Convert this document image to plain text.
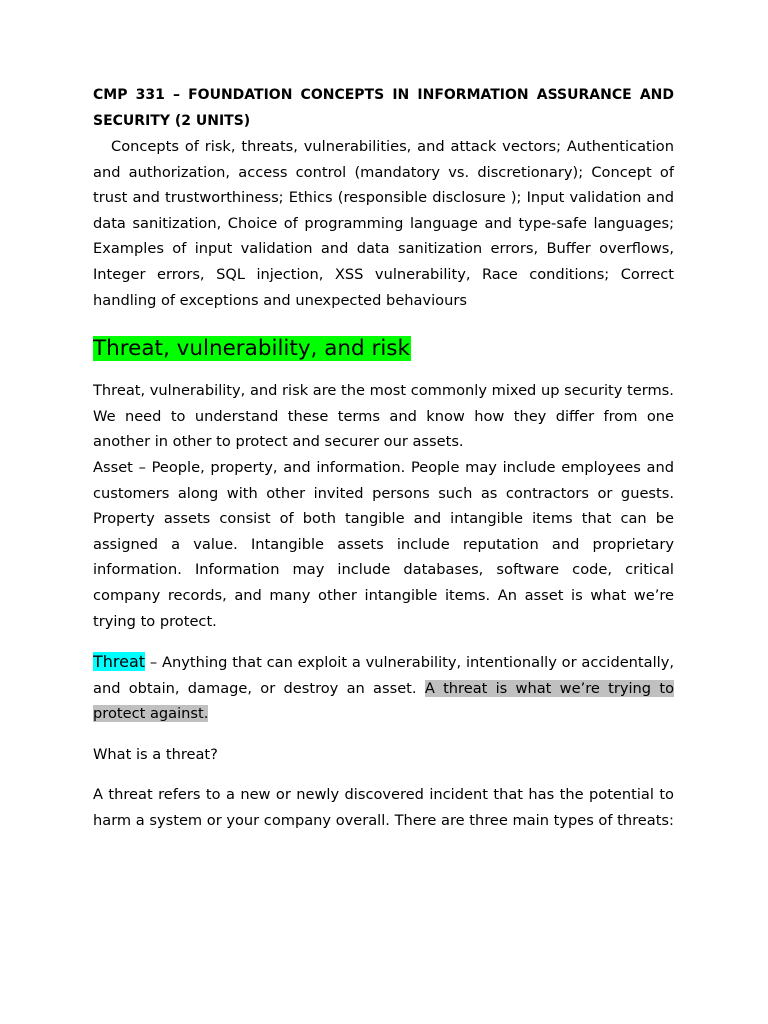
CMP 331 – FOUNDATION CONCEPTS IN INFORMATION ASSURANCE AND SECURITY (2 UNITS)

Concepts of risk, threats, vulnerabilities, and attack vectors; Authentication and authorization, access control (mandatory vs. discretionary); Concept of trust and trustworthiness; Ethics (responsible disclosure ); Input validation and data sanitization, Choice of programming language and type-safe languages; Examples of input validation and data sanitization errors, Buffer overflows, Integer errors, SQL injection, XSS vulnerability, Race conditions; Correct handling of exceptions and unexpected behaviours

Threat, vulnerability, and risk

Threat, vulnerability, and risk are the most commonly mixed up security terms.

We need to understand these terms and know how they differ from one another in other to protect and securer our assets.

Asset – People, property, and information. People may include employees and customers along with other invited persons such as contractors or guests. Property assets consist of both tangible and intangible items that can be assigned a value. Intangible assets include reputation and proprietary information. Information may include databases, software code, critical company records, and many other intangible items. An asset is what we’re trying to protect.

Threat – Anything that can exploit a vulnerability, intentionally or accidentally, and obtain, damage, or destroy an asset. A threat is what we’re trying to protect against.

What is a threat?

A threat refers to a new or newly discovered incident that has the potential to harm a system or your company overall. There are three main types of threats:
